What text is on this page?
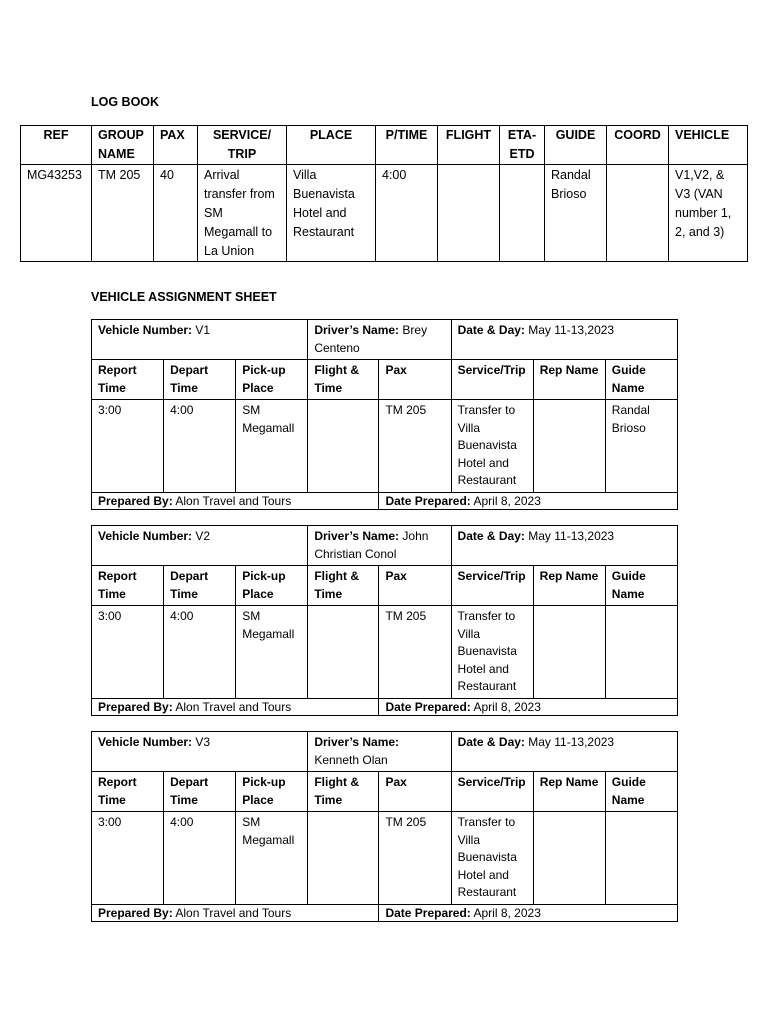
LOG BOOK
REF	GROUP NAME	PAX	SERVICE/ TRIP	PLACE	P/TIME	FLIGHT	ETA-ETD	GUIDE	COORD	VEHICLE
MG43253	TM 205	40	Arrival transfer from SM Megamall to La Union	Villa Buenavista Hotel and Restaurant	4:00			Randal Brioso		V1,V2, & V3 (VAN number 1, 2, and 3)
VEHICLE ASSIGNMENT SHEET
Vehicle Number: V1			Driver’s Name: Brey Centeno		Date & Day: May 11-13,2023		
Report Time	Depart Time	Pick-up Place	Flight & Time	Pax	Service/Trip	Rep Name	Guide Name
3:00	4:00	SM Megamall		TM 205	Transfer to Villa Buenavista Hotel and Restaurant		Randal Brioso
Prepared By: Alon Travel and Tours				Date Prepared: April 8, 2023			
Vehicle Number: V2			Driver’s Name: John Christian Conol		Date & Day: May 11-13,2023		
Report Time	Depart Time	Pick-up Place	Flight & Time	Pax	Service/Trip	Rep Name	Guide Name
3:00	4:00	SM Megamall		TM 205	Transfer to Villa Buenavista Hotel and Restaurant		
Prepared By: Alon Travel and Tours				Date Prepared: April 8, 2023			
Vehicle Number: V3			Driver’s Name: Kenneth Olan		Date & Day: May 11-13,2023		
Report Time	Depart Time	Pick-up Place	Flight & Time	Pax	Service/Trip	Rep Name	Guide Name
3:00	4:00	SM Megamall		TM 205	Transfer to Villa Buenavista Hotel and Restaurant		
Prepared By: Alon Travel and Tours				Date Prepared: April 8, 2023			
